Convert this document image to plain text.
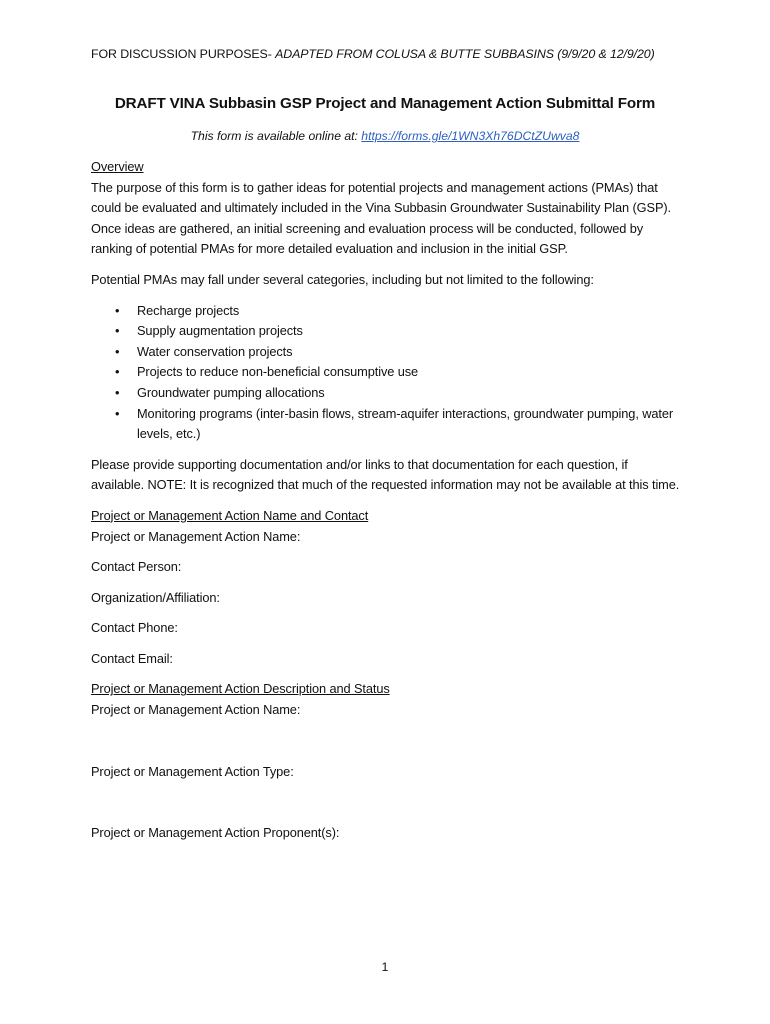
FOR DISCUSSION PURPOSES- ADAPTED FROM COLUSA & BUTTE SUBBASINS (9/9/20 & 12/9/20)
DRAFT VINA Subbasin GSP Project and Management Action Submittal Form
This form is available online at: https://forms.gle/1WN3Xh76DCtZUwva8

Overview

The purpose of this form is to gather ideas for potential projects and management actions (PMAs) that could be evaluated and ultimately included in the Vina Subbasin Groundwater Sustainability Plan (GSP). Once ideas are gathered, an initial screening and evaluation process will be conducted, followed by ranking of potential PMAs for more detailed evaluation and inclusion in the initial GSP.

Potential PMAs may fall under several categories, including but not limited to the following:

• Recharge projects
• Supply augmentation projects
• Water conservation projects
• Projects to reduce non-beneficial consumptive use
• Groundwater pumping allocations
• Monitoring programs (inter-basin flows, stream-aquifer interactions, groundwater pumping, water levels, etc.)

Please provide supporting documentation and/or links to that documentation for each question, if available. NOTE: It is recognized that much of the requested information may not be available at this time.

Project or Management Action Name and Contact

Project or Management Action Name:

Contact Person:

Organization/Affiliation:

Contact Phone:

Contact Email:

Project or Management Action Description and Status

Project or Management Action Name:

Project or Management Action Type:

Project or Management Action Proponent(s):

1
